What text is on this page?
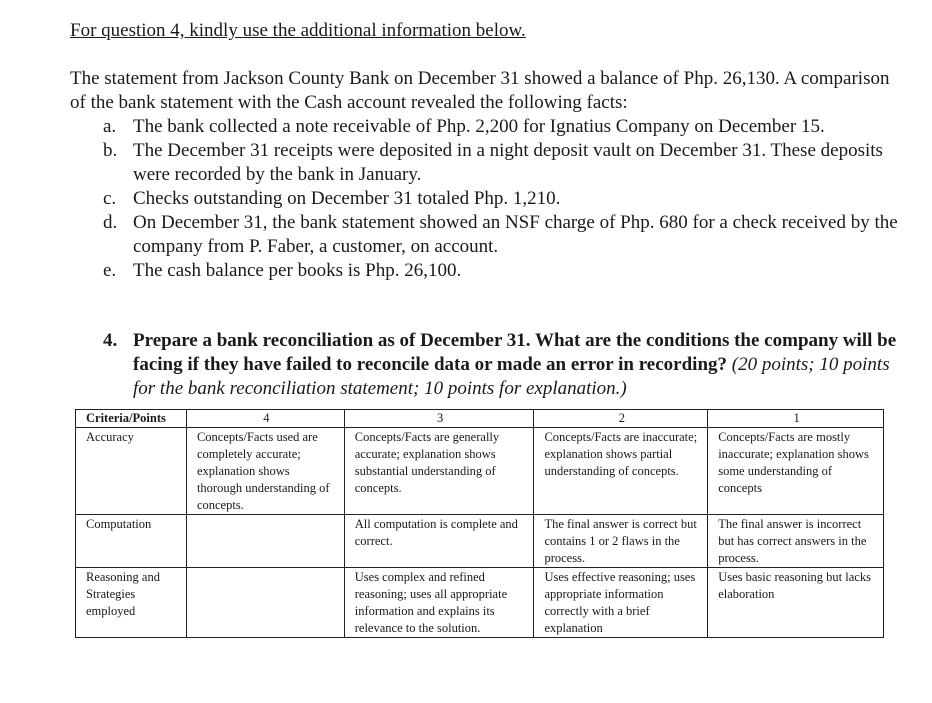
For question 4, kindly use the additional information below.
The statement from Jackson County Bank on December 31 showed a balance of Php. 26,130. A comparison of the bank statement with the Cash account revealed the following facts:
a. The bank collected a note receivable of Php. 2,200 for Ignatius Company on December 15.
b. The December 31 receipts were deposited in a night deposit vault on December 31. These deposits were recorded by the bank in January.
c. Checks outstanding on December 31 totaled Php. 1,210.
d. On December 31, the bank statement showed an NSF charge of Php. 680 for a check received by the company from P. Faber, a customer, on account.
e. The cash balance per books is Php. 26,100.
4. Prepare a bank reconciliation as of December 31. What are the conditions the company will be facing if they have failed to reconcile data or made an error in recording? (20 points; 10 points for the bank reconciliation statement; 10 points for explanation.)
Criteria/Points	4	3	2	1
Accuracy	Concepts/Facts used are completely accurate; explanation shows thorough understanding of concepts.	Concepts/Facts are generally accurate; explanation shows substantial understanding of concepts.	Concepts/Facts are inaccurate; explanation shows partial understanding of concepts.	Concepts/Facts are mostly inaccurate; explanation shows some understanding of concepts
Computation		All computation is complete and correct.	The final answer is correct but contains 1 or 2 flaws in the process.	The final answer is incorrect but has correct answers in the process.
Reasoning and Strategies employed		Uses complex and refined reasoning; uses all appropriate information and explains its relevance to the solution.	Uses effective reasoning; uses appropriate information correctly with a brief explanation	Uses basic reasoning but lacks elaboration
